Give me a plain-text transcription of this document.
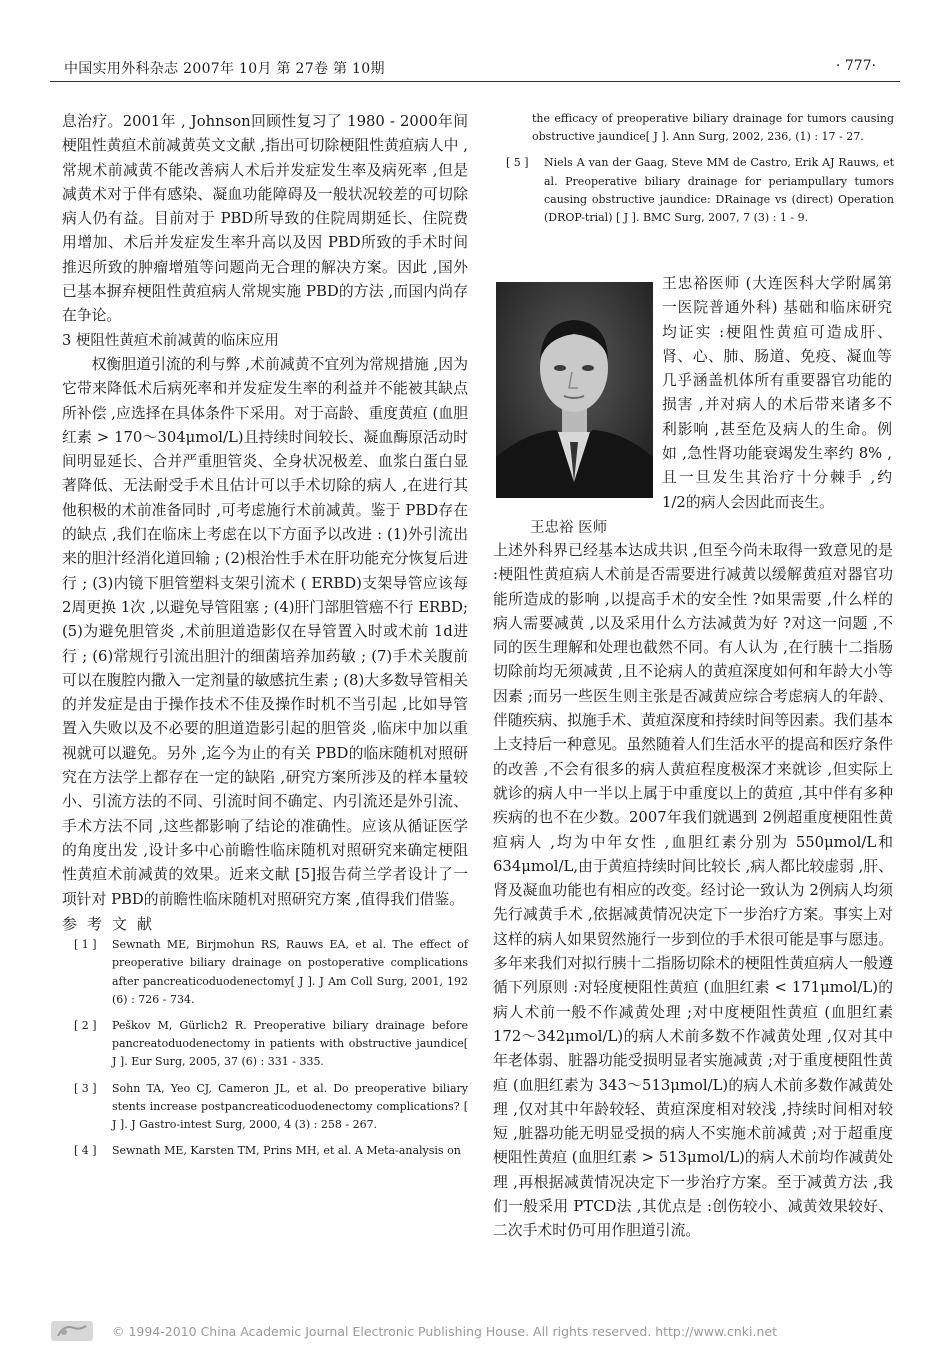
中国实用外科杂志 2007年 10月 第 27卷 第 10期	· 777·

息治疗。2001年 , Johnson回顾性复习了 1980 - 2000年间梗阻性黄疸术前减黄英文文献 ,指出可切除梗阻性黄疸病人中 ,常规术前减黄不能改善病人术后并发症发生率及病死率 ,但是减黄术对于伴有感染、凝血功能障碍及一般状况较差的可切除病人仍有益。目前对于 PBD所导致的住院周期延长、住院费用增加、术后并发症发生率升高以及因 PBD所致的手术时间推迟所致的肿瘤增殖等问题尚无合理的解决方案。因此 ,国外已基本摒弃梗阻性黄疸病人常规实施 PBD的方法 ,而国内尚存在争论。

3 梗阻性黄疸术前减黄的临床应用

权衡胆道引流的利与弊 ,术前减黄不宜列为常规措施 ,因为它带来降低术后病死率和并发症发生率的利益并不能被其缺点所补偿 ,应选择在具体条件下采用。对于高龄、重度黄疸 (血胆红素 > 170～304μmol/L)且持续时间较长、凝血酶原活动时间明显延长、合并严重胆管炎、全身状况极差、血浆白蛋白显著降低、无法耐受手术且估计可以手术切除的病人 ,在进行其他积极的术前准备同时 ,可考虑施行术前减黄。鉴于 PBD存在的缺点 ,我们在临床上考虑在以下方面予以改进 : (1)外引流出来的胆汁经消化道回输 ; (2)根治性手术在肝功能充分恢复后进行 ; (3)内镜下胆管塑料支架引流术 ( ERBD)支架导管应该每 2周更换 1次 ,以避免导管阻塞 ; (4)肝门部胆管癌不行 ERBD; (5)为避免胆管炎 ,术前胆道造影仅在导管置入时或术前 1d进行 ; (6)常规行引流出胆汁的细菌培养加药敏 ; (7)手术关腹前可以在腹腔内撒入一定剂量的敏感抗生素 ; (8)大多数导管相关的并发症是由于操作技术不佳及操作时机不当引起 ,比如导管置入失败以及不必要的胆道造影引起的胆管炎 ,临床中加以重视就可以避免。另外 ,迄今为止的有关 PBD的临床随机对照研究在方法学上都存在一定的缺陷 ,研究方案所涉及的样本量较小、引流方法的不同、引流时间不确定、内引流还是外引流、手术方法不同 ,这些都影响了结论的准确性。应该从循证医学的角度出发 ,设计多中心前瞻性临床随机对照研究来确定梗阻性黄疸术前减黄的效果。近来文献 [5]报告荷兰学者设计了一项针对 PBD的前瞻性临床随机对照研究方案 ,值得我们借鉴。

参考文献

[ 1 ]	Sewnath ME, Birjmohun RS, Rauws EA, et al. The effect of preoperative biliary drainage on postoperative complications after pancreaticoduodenectomy[ J ]. J Am Coll Surg, 2001, 192 (6) : 726 - 734.
[ 2 ]	Peškov M, Gürlich2 R. Preoperative biliary drainage before pancreatoduodenectomy in patients with obstructive jaundice[ J ]. Eur Surg, 2005, 37 (6) : 331 - 335.
[ 3 ]	Sohn TA, Yeo CJ, Cameron JL, et al. Do preoperative biliary stents increase postpancreaticoduodenectomy complications? [ J ]. J Gastro-intest Surg, 2000, 4 (3) : 258 - 267.
[ 4 ]	Sewnath ME, Karsten TM, Prins MH, et al. A Meta-analysis on
the efficacy of preoperative biliary drainage for tumors causing obstructive jaundice[ J ]. Ann Surg, 2002, 236, (1) : 17 - 27.
[ 5 ]	Niels A van der Gaag, Steve MM de Castro, Erik AJ Rauws, et al. Preoperative biliary drainage for periampullary tumors causing obstructive jaundice: DRainage vs (direct) Operation (DROP-trial) [ J ]. BMC Surg, 2007, 7 (3) : 1 - 9.
王忠裕 医师
王忠裕医师 (大连医科大学附属第一医院普通外科) 基础和临床研究均证实 :梗阻性黄疸可造成肝、肾、心、肺、肠道、免疫、凝血等几乎涵盖机体所有重要器官功能的损害 ,并对病人的术后带来诸多不利影响 ,甚至危及病人的生命。例如 ,急性肾功能衰竭发生率约 8% ,且一旦发生其治疗十分棘手 ,约 1/2的病人会因此而丧生。
上述外科界已经基本达成共识 ,但至今尚未取得一致意见的是 :梗阻性黄疸病人术前是否需要进行减黄以缓解黄疸对器官功能所造成的影响 ,以提高手术的安全性 ?如果需要 ,什么样的病人需要减黄 ,以及采用什么方法减黄为好 ?对这一问题 ,不同的医生理解和处理也截然不同。有人认为 ,在行胰十二指肠切除前均无须减黄 ,且不论病人的黄疸深度如何和年龄大小等因素 ;而另一些医生则主张是否减黄应综合考虑病人的年龄、伴随疾病、拟施手术、黄疸深度和持续时间等因素。我们基本上支持后一种意见。虽然随着人们生活水平的提高和医疗条件的改善 ,不会有很多的病人黄疸程度极深才来就诊 ,但实际上就诊的病人中一半以上属于中重度以上的黄疸 ,其中伴有多种疾病的也不在少数。2007年我们就遇到 2例超重度梗阻性黄疸病人 ,均为中年女性 ,血胆红素分别为 550μmol/L和 634μmol/L,由于黄疸持续时间比较长 ,病人都比较虚弱 ,肝、肾及凝血功能也有相应的改变。经讨论一致认为 2例病人均须先行减黄手术 ,依据减黄情况决定下一步治疗方案。事实上对这样的病人如果贸然施行一步到位的手术很可能是事与愿违。多年来我们对拟行胰十二指肠切除术的梗阻性黄疸病人一般遵循下列原则 :对轻度梗阻性黄疸 (血胆红素 < 171μmol/L)的病人术前一般不作减黄处理 ;对中度梗阻性黄疸 (血胆红素 172～342μmol/L)的病人术前多数不作减黄处理 ,仅对其中年老体弱、脏器功能受损明显者实施减黄 ;对于重度梗阻性黄疸 (血胆红素为 343～513μmol/L)的病人术前多数作减黄处理 ,仅对其中年龄较轻、黄疸深度相对较浅 ,持续时间相对较短 ,脏器功能无明显受损的病人不实施术前减黄 ;对于超重度梗阻性黄疸 (血胆红素 > 513μmol/L)的病人术前均作减黄处理 ,再根据减黄情况决定下一步治疗方案。至于减黄方法 ,我们一般采用 PTCD法 ,其优点是 :创伤较小、减黄效果较好、二次手术时仍可用作胆道引流。
© 1994-2010 China Academic Journal Electronic Publishing House. All rights reserved. http://www.cnki.net
